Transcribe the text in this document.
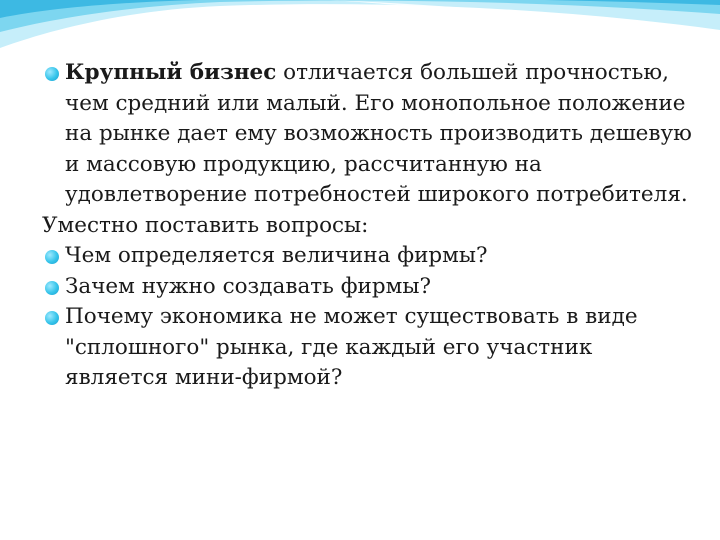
Крупный бизнес отличается большей прочностью, чем средний или малый. Его монопольное положение на рынке дает ему возможность производить дешевую и массовую продукцию, рассчитанную на удовлетворение потребностей широкого потребителя.

Уместно поставить вопросы:

Чем определяется величина фирмы?

Зачем нужно создавать фирмы?

Почему экономика не может существовать в виде "сплошного" рынка, где каждый его участник является мини-фирмой?
